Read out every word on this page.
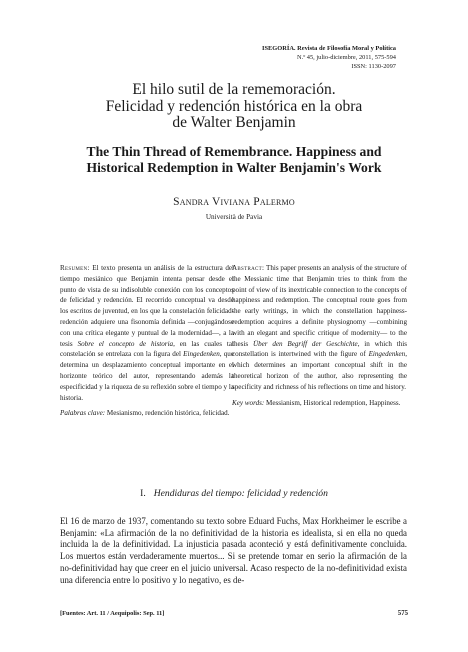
ISEGORÍA. Revista de Filosofía Moral y Política
N.º 45, julio-diciembre, 2011, 575-594
ISSN: 1130-2097
El hilo sutil de la rememoración.
Felicidad y redención histórica en la obra
de Walter Benjamin
The Thin Thread of Remembrance. Happiness and
Historical Redemption in Walter Benjamin's Work
Sandra Viviana Palermo
Università de Pavia

Resumen: El texto presenta un análisis de la estructura del tiempo mesiánico que Benjamin intenta pensar desde el punto de vista de su indisoluble conexión con los conceptos de felicidad y redención. El recorrido conceptual va desde los escritos de juventud, en los que la constelación felicidad-redención adquiere una fisonomía definida —conjugándose con una crítica elegante y puntual de la modernidad—, a la tesis Sobre el concepto de historia, en las cuales tal constelación se entrelaza con la figura del Eingedenken, que determina un desplazamiento conceptual importante en el horizonte teórico del autor, representando además la especificidad y la riqueza de su reflexión sobre el tiempo y la historia.

Palabras clave: Mesianismo, redención histórica, felicidad.

Abstract: This paper presents an analysis of the structure of the Messianic time that Benjamin tries to think from the point of view of its inextricable connection to the concepts of happiness and redemption. The conceptual route goes from the early writings, in which the constellation happiness-redemption acquires a definite physiognomy —combining with an elegant and specific critique of modernity— to the thesis Über den Begriff der Geschichte, in which this constellation is intertwined with the figure of Eingedenken, which determines an important conceptual shift in the theoretical horizon of the author, also representing the specificity and richness of his reflections on time and history.

Key words: Messianism, Historical redemption, Happiness.

I. Hendiduras del tiempo: felicidad y redención

El 16 de marzo de 1937, comentando su texto sobre Eduard Fuchs, Max Horkheimer le escribe a Benjamin: «La afirmación de la no definitividad de la historia es idealista, si en ella no queda incluida la de la definitividad. La injusticia pasada aconteció y está definitivamente concluida. Los muertos están verdaderamente muertos... Si se pretende tomar en serio la afirmación de la no-definitividad hay que creer en el juicio universal. Acaso respecto de la no-definitividad exista una diferencia entre lo positivo y lo negativo, es de-

[Fuentes: Art. 11 / Aequipolis: Sep. 11]	575
